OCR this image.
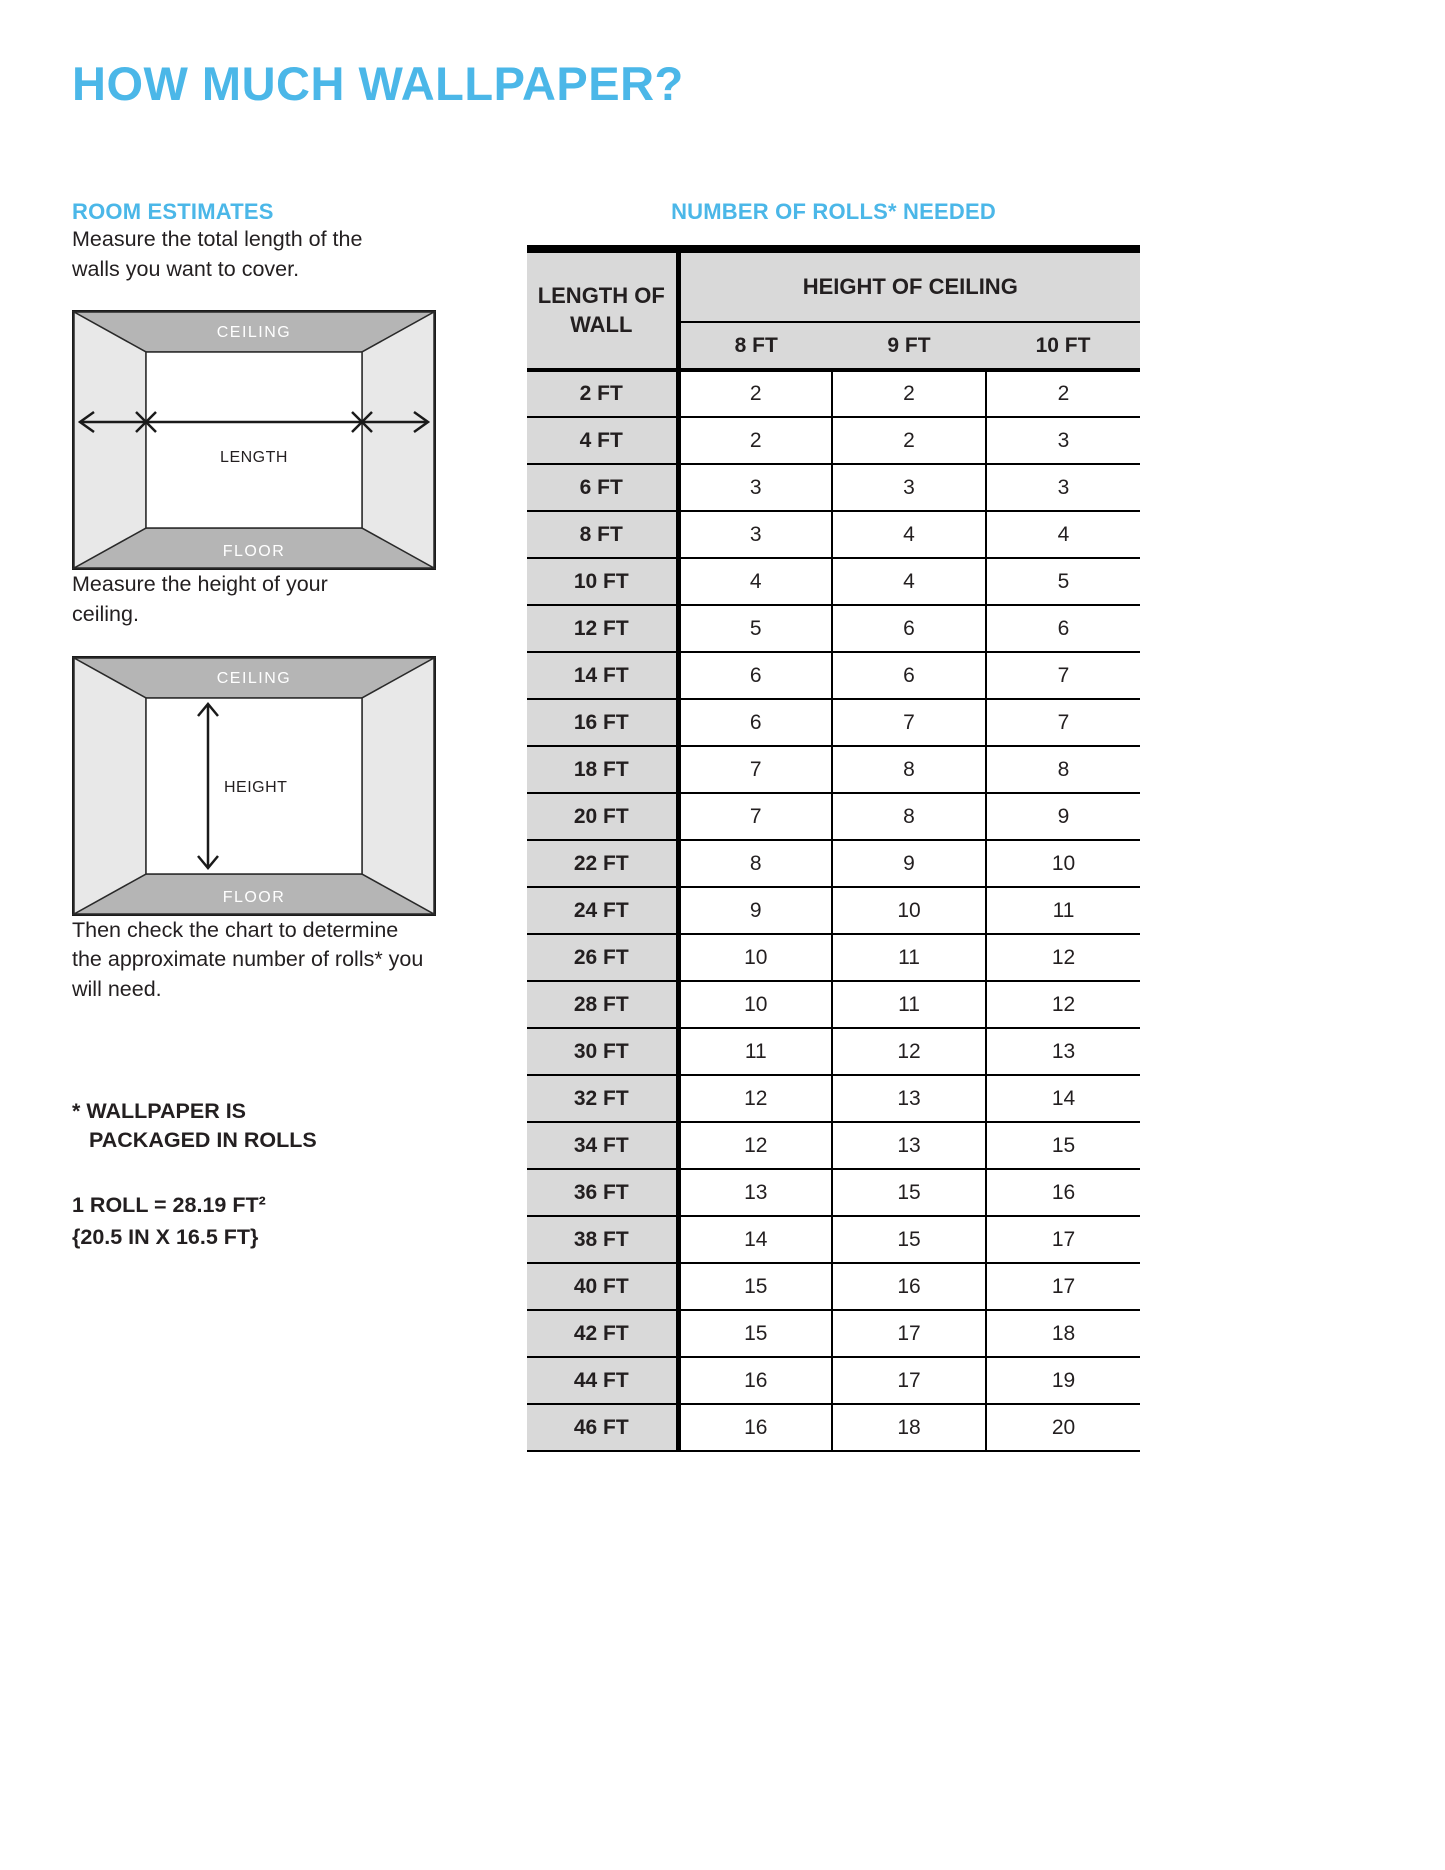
HOW MUCH WALLPAPER?
ROOM ESTIMATES

Measure the total length of the walls you want to cover.

CEILING
FLOOR
LENGTH

Measure the height of your ceiling.

CEILING
FLOOR
HEIGHT

Then check the chart to determine the approximate number of rolls* you will need.

* WALLPAPER IS
PACKAGED IN ROLLS

1 ROLL = 28.19 FT²
{20.5 IN X 16.5 FT}

NUMBER OF ROLLS* NEEDED
LENGTH OF WALL	HEIGHT OF CEILING		
	8 FT	9 FT	10 FT
2 FT	2	2	2
4 FT	2	2	3
6 FT	3	3	3
8 FT	3	4	4
10 FT	4	4	5
12 FT	5	6	6
14 FT	6	6	7
16 FT	6	7	7
18 FT	7	8	8
20 FT	7	8	9
22 FT	8	9	10
24 FT	9	10	11
26 FT	10	11	12
28 FT	10	11	12
30 FT	11	12	13
32 FT	12	13	14
34 FT	12	13	15
36 FT	13	15	16
38 FT	14	15	17
40 FT	15	16	17
42 FT	15	17	18
44 FT	16	17	19
46 FT	16	18	20
